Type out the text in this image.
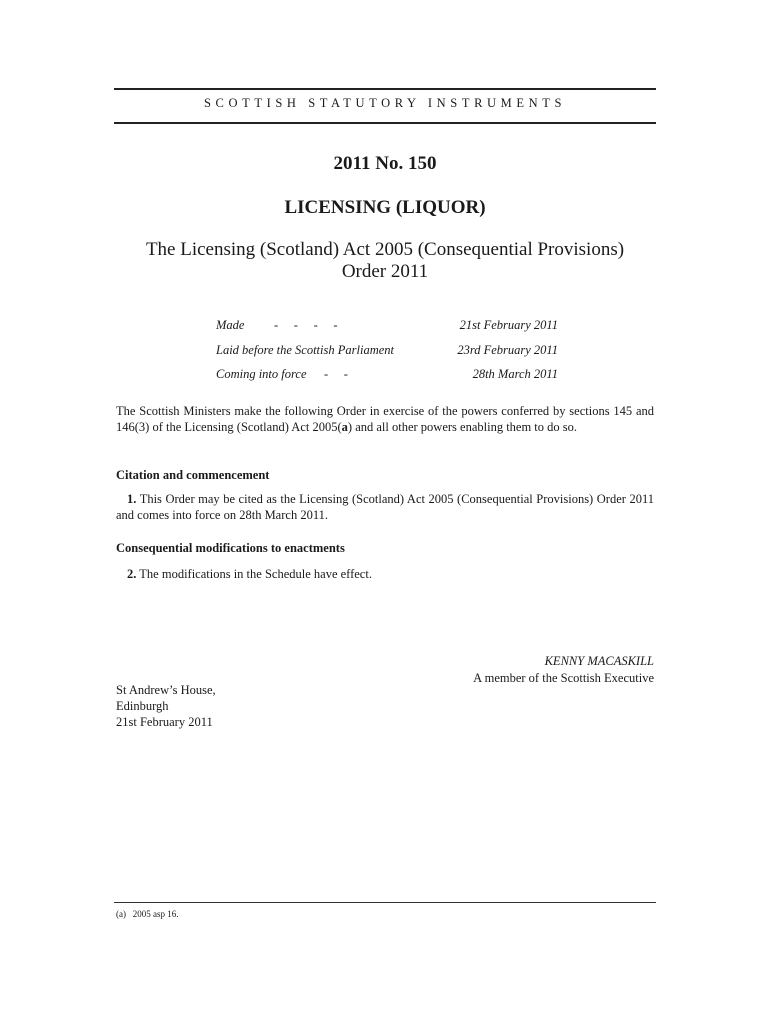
SCOTTISH STATUTORY INSTRUMENTS
2011 No. 150
LICENSING (LIQUOR)
The Licensing (Scotland) Act 2005 (Consequential Provisions)
Order 2011
Made -     -     -     -	21st February 2011
Laid before the Scottish Parliament	23rd February 2011
Coming into force -     -	28th March 2011
The Scottish Ministers make the following Order in exercise of the powers conferred by sections 145 and 146(3) of the Licensing (Scotland) Act 2005(a) and all other powers enabling them to do so.
Citation and commencement
1. This Order may be cited as the Licensing (Scotland) Act 2005 (Consequential Provisions) Order 2011 and comes into force on 28th March 2011.
Consequential modifications to enactments
2. The modifications in the Schedule have effect.
KENNY MACASKILL
A member of the Scottish Executive
St Andrew’s House,
Edinburgh
21st February 2011
(a) 2005 asp 16.
